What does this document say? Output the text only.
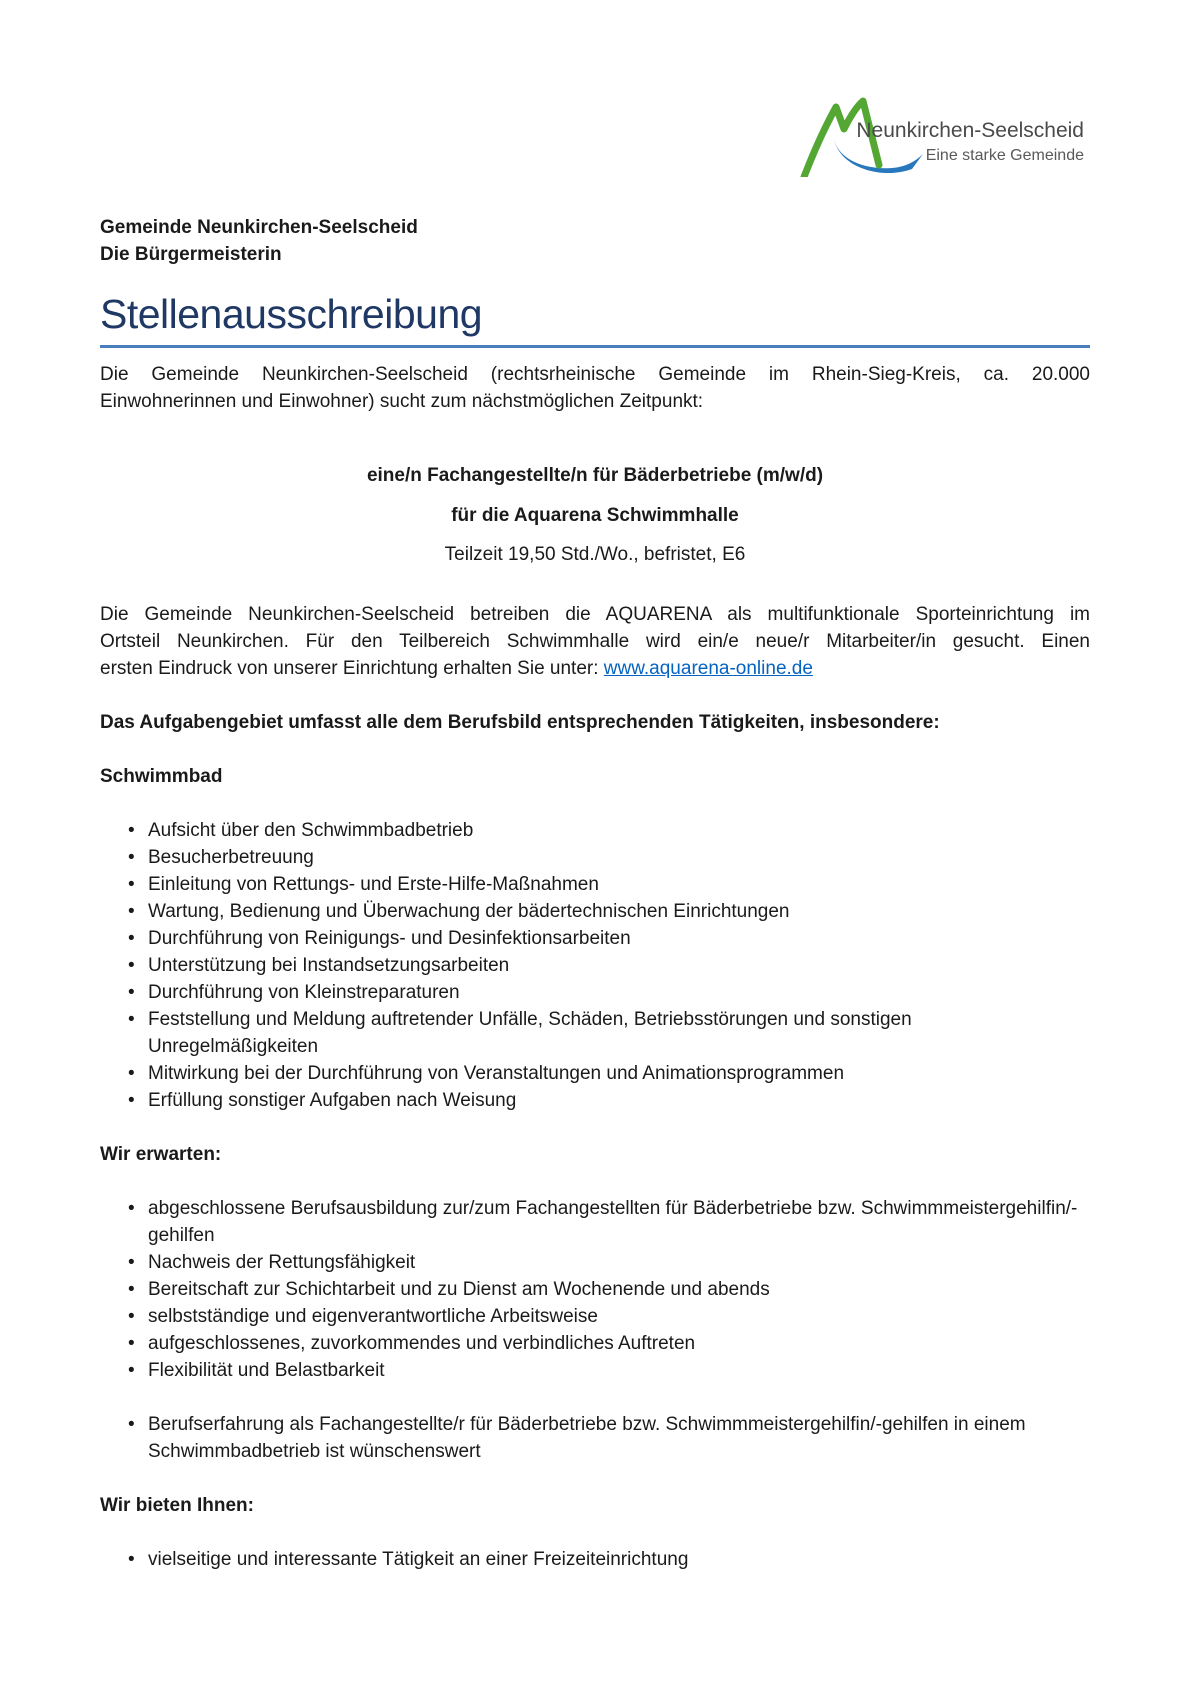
Neunkirchen-Seelscheid
Eine starke Gemeinde
Gemeinde Neunkirchen-Seelscheid
Die Bürgermeisterin
Stellenausschreibung

Die Gemeinde Neunkirchen-Seelscheid (rechtsrheinische Gemeinde im Rhein-Sieg-Kreis, ca. 20.000
Einwohnerinnen und Einwohner) sucht zum nächstmöglichen Zeitpunkt:

eine/n Fachangestellte/n für Bäderbetriebe (m/w/d)
für die Aquarena Schwimmhalle
Teilzeit 19,50 Std./Wo., befristet, E6

Die Gemeinde Neunkirchen-Seelscheid betreiben die AQUARENA als multifunktionale Sporteinrichtung im
Ortsteil Neunkirchen. Für den Teilbereich Schwimmhalle wird ein/e neue/r Mitarbeiter/in gesucht. Einen
ersten Eindruck von unserer Einrichtung erhalten Sie unter: www.aquarena-online.de

Das Aufgabengebiet umfasst alle dem Berufsbild entsprechenden Tätigkeiten, insbesondere:
Schwimmbad
• Aufsicht über den Schwimmbadbetrieb
• Besucherbetreuung
• Einleitung von Rettungs- und Erste-Hilfe-Maßnahmen
• Wartung, Bedienung und Überwachung der bädertechnischen Einrichtungen
• Durchführung von Reinigungs- und Desinfektionsarbeiten
• Unterstützung bei Instandsetzungsarbeiten
• Durchführung von Kleinstreparaturen
• Feststellung und Meldung auftretender Unfälle, Schäden, Betriebsstörungen und sonstigen Unregelmäßigkeiten
• Mitwirkung bei der Durchführung von Veranstaltungen und Animationsprogrammen
• Erfüllung sonstiger Aufgaben nach Weisung
Wir erwarten:
• abgeschlossene Berufsausbildung zur/zum Fachangestellten für Bäderbetriebe bzw. Schwimmmeistergehilfin/-gehilfen
• Nachweis der Rettungsfähigkeit
• Bereitschaft zur Schichtarbeit und zu Dienst am Wochenende und abends
• selbstständige und eigenverantwortliche Arbeitsweise
• aufgeschlossenes, zuvorkommendes und verbindliches Auftreten
• Flexibilität und Belastbarkeit
• Berufserfahrung als Fachangestellte/r für Bäderbetriebe bzw. Schwimmmeistergehilfin/-gehilfen in einem Schwimmbadbetrieb ist wünschenswert
Wir bieten Ihnen:
• vielseitige und interessante Tätigkeit an einer Freizeiteinrichtung
